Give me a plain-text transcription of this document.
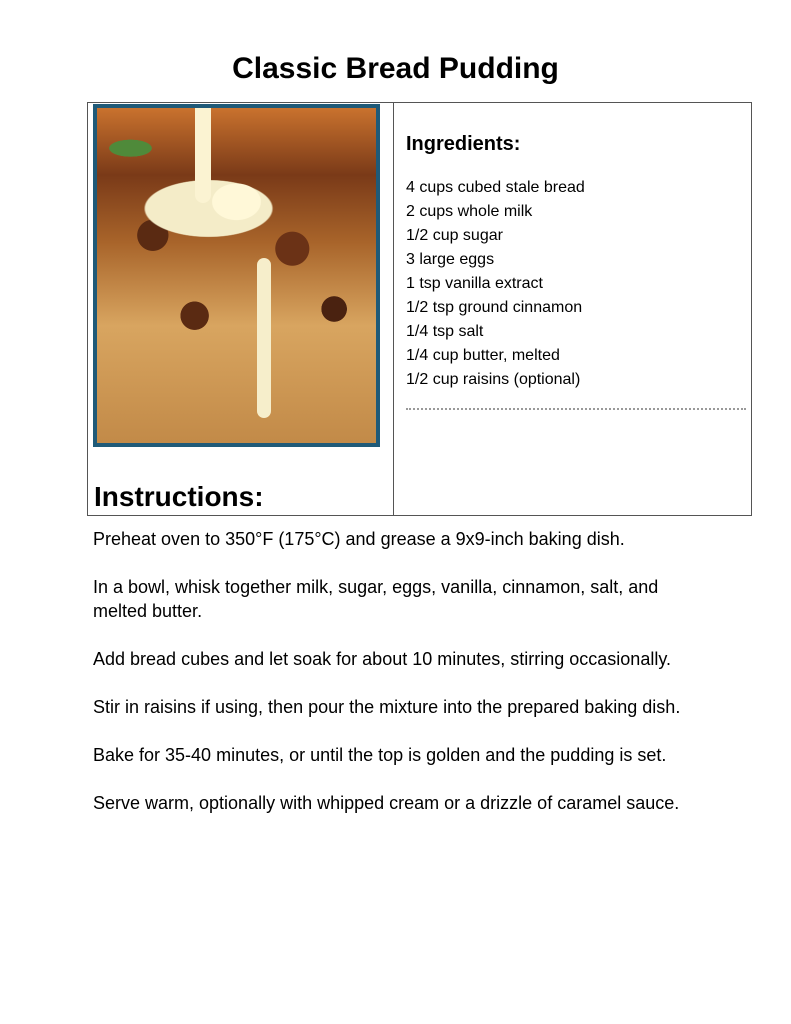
Classic Bread Pudding
Ingredients:
4 cups cubed stale bread
2 cups whole milk
1/2 cup sugar
3 large eggs
1 tsp vanilla extract
1/2 tsp ground cinnamon
1/4 tsp salt
1/4 cup butter, melted
1/2 cup raisins (optional)
Instructions:

Preheat oven to 350°F (175°C) and grease a 9x9-inch baking dish.

In a bowl, whisk together milk, sugar, eggs, vanilla, cinnamon, salt, and melted butter.

Add bread cubes and let soak for about 10 minutes, stirring occasionally.

Stir in raisins if using, then pour the mixture into the prepared baking dish.

Bake for 35-40 minutes, or until the top is golden and the pudding is set.

Serve warm, optionally with whipped cream or a drizzle of caramel sauce.
